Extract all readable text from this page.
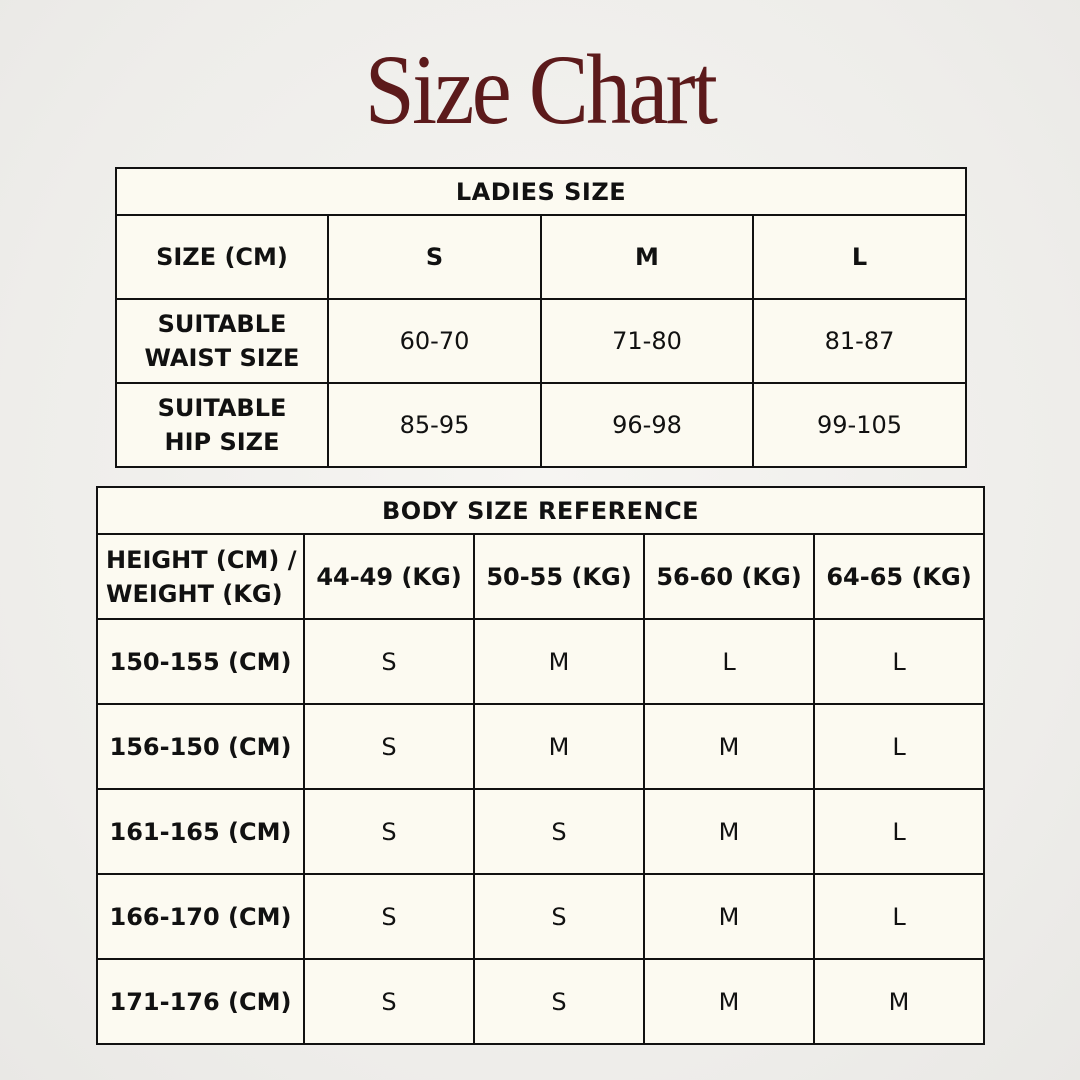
Size Chart
LADIES SIZE			
SIZE (CM)	S	M	L
SUITABLE
WAIST SIZE	60-70	71-80	81-87
SUITABLE
HIP SIZE	85-95	96-98	99-105
BODY SIZE REFERENCE				
HEIGHT (CM) /
WEIGHT (KG)	44-49 (KG)	50-55 (KG)	56-60 (KG)	64-65 (KG)
150-155 (CM)	S	M	L	L
156-150 (CM)	S	M	M	L
161-165 (CM)	S	S	M	L
166-170 (CM)	S	S	M	L
171-176 (CM)	S	S	M	M
